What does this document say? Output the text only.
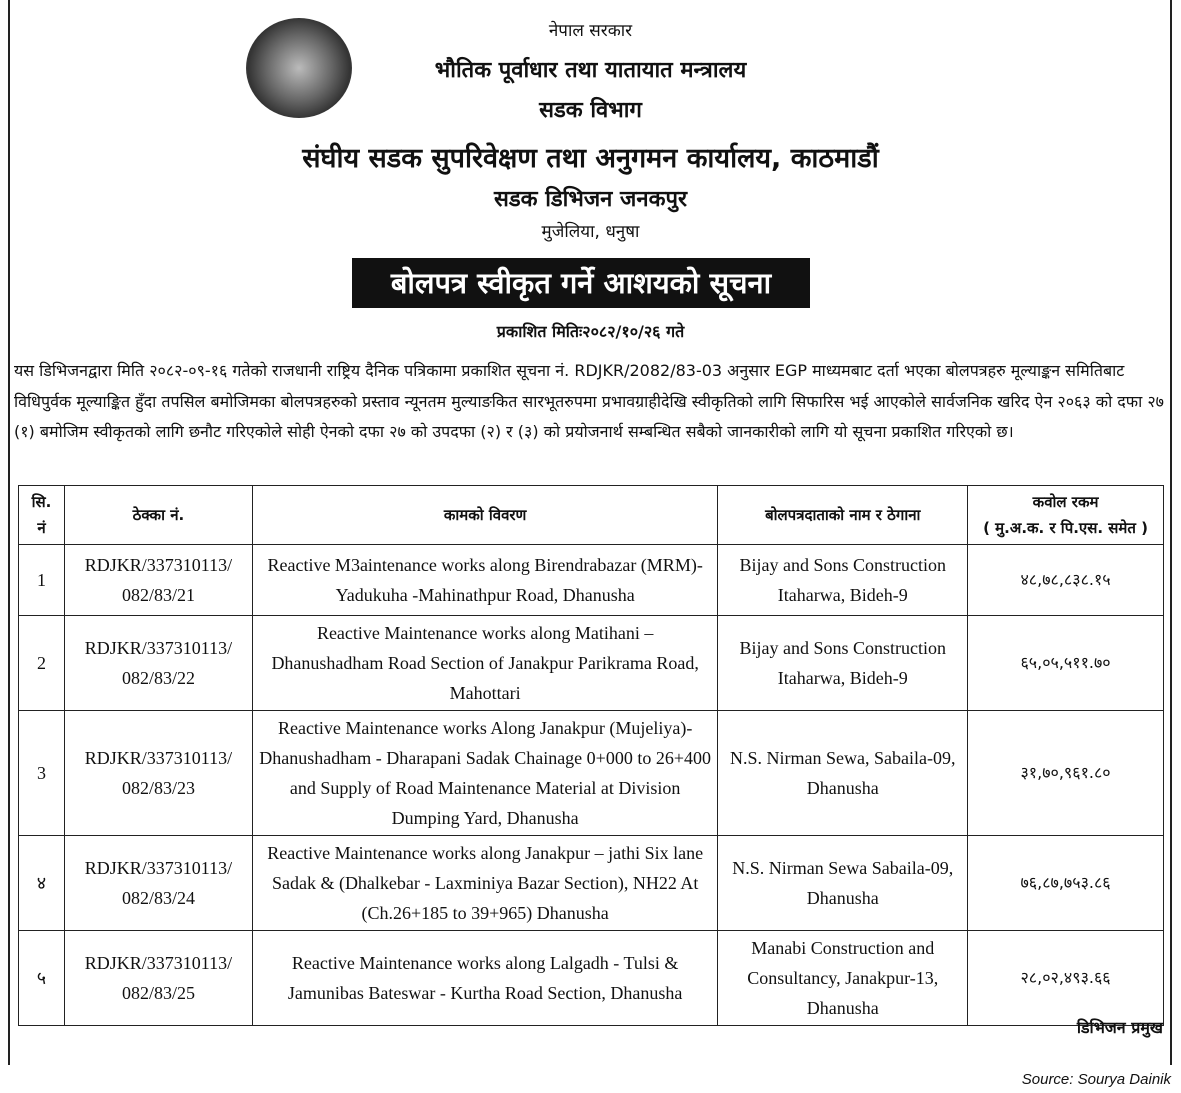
नेपाल सरकार
भौतिक पूर्वाधार तथा यातायात मन्त्रालय
सडक विभाग
संघीय सडक सुपरिवेक्षण तथा अनुगमन कार्यालय, काठमाडौं
सडक डिभिजन जनकपुर
मुजेलिया, धनुषा
बोलपत्र स्वीकृत गर्ने आशयको सूचना
प्रकाशित मितिः२०८२/१०/२६ गते
यस डिभिजनद्वारा मिति २०८२-०९-१६ गतेको राजधानी राष्ट्रिय दैनिक पत्रिकामा प्रकाशित सूचना नं. RDJKR/2082/83-03 अनुसार EGP माध्यमबाट दर्ता भएका बोलपत्रहरु मूल्याङ्कन समितिबाट विधिपुर्वक मूल्याङ्कित हुँदा तपसिल बमोजिमका बोलपत्रहरुको प्रस्ताव न्यूनतम मुल्याङकित सारभूतरुपमा प्रभावग्राहीदेखि स्वीकृतिको लागि सिफारिस भई आएकोले सार्वजनिक खरिद ऐन २०६३ को दफा २७ (१) बमोजिम स्वीकृतको लागि छनौट गरिएकोले सोही ऐनको दफा २७ को उपदफा (२) र (३) को प्रयोजनार्थ सम्बन्धित सबैको जानकारीको लागि यो सूचना प्रकाशित गरिएको छ।
सि. नं	ठेक्का नं.	कामको विवरण	बोलपत्रदाताको नाम र ठेगाना	कवोल रकम
( मु.अ.क. र पि.एस. समेत )

1	RDJKR/337310113/ 082/83/21	Reactive M3aintenance works along Birendrabazar (MRM)-Yadukuha -Mahinathpur Road, Dhanusha	Bijay and Sons Construction Itaharwa, Bideh-9	४८,७८,८३८.१५
2	RDJKR/337310113/ 082/83/22	Reactive Maintenance works along Matihani – Dhanushadham Road Section of Janakpur Parikrama Road, Mahottari	Bijay and Sons Construction Itaharwa, Bideh-9	६५,०५,५११.७०
3	RDJKR/337310113/ 082/83/23	Reactive Maintenance works Along Janakpur (Mujeliya)-Dhanushadham - Dharapani Sadak Chainage 0+000 to 26+400 and Supply of Road Maintenance Material at Division Dumping Yard, Dhanusha	N.S. Nirman Sewa, Sabaila-09, Dhanusha	३१,७०,९६१.८०
४	RDJKR/337310113/ 082/83/24	Reactive Maintenance works along Janakpur – jathi Six lane Sadak & (Dhalkebar - Laxminiya Bazar Section), NH22 At (Ch.26+185 to 39+965) Dhanusha	N.S. Nirman Sewa Sabaila-09, Dhanusha	७६,८७,७५३.८६
५	RDJKR/337310113/ 082/83/25	Reactive Maintenance works along Lalgadh - Tulsi & Jamunibas Bateswar - Kurtha Road Section, Dhanusha	Manabi Construction and Consultancy, Janakpur-13, Dhanusha	२८,०२,४९३.६६
डिभिजन प्रमुख
Source: Sourya Dainik
